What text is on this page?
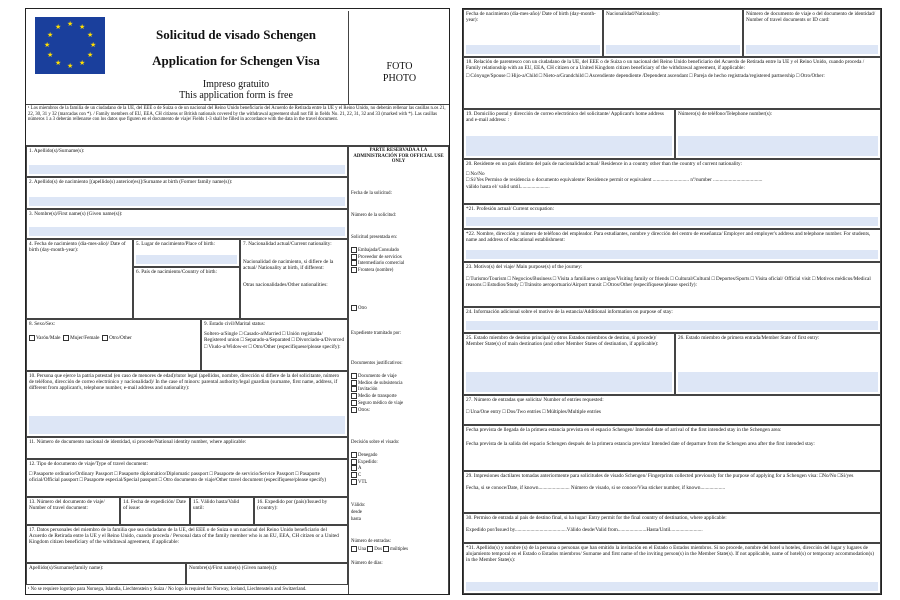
★ ★
★
★
★
★
★
★
★
★
★
★	Solicitud de visado Schengen
Application for Schengen Visa
Impreso gratuito
This application form is free
FOTO
PHOTO
¹ Los miembros de la familia de un ciudadano de la UE, del EEE o de Suiza o de un nacional del Reino Unido beneficiario del Acuerdo de Retirada entre la UE y el Reino Unido, no deberán rellenar las casillas n.os 21, 22, 30, 31 y 32 (marcadas con *). / Family members of EU, EEA, CH citizens or British nationals covered by the withdrawal agreement shall not fill in fields No. 21, 22, 31, 32 and 33 (marked with *). Las casillas números 1 a 3 deberán rellenarse con los datos que figuren en el documento de viaje/ Fields 1-3 shall be filled in accordance with the data in the travel document.
PARTE RESERVADA A LA ADMINISTRACIÓN FOR OFFICIAL USE ONLY
Fecha de la solicitud:
Número de la solicitud:
Solicitud presentada en:
Embajada/Consulado
Proveedor de servicios
Intermediario comercial
Frontera (nombre)
Otro
Expediente tramitado por:
Documentos justificativos:
Documento de viaje
Medios de subsistencia
Invitación
Medio de transporte
Seguro médico de viaje
Otros:
Decisión sobre el visado:
Denegado
Expedido:
A
C
VTL
Válido:
desde
hasta
Número de entradas:
Una Dos múltiples
Número de días:
1. Apellido(s)/Surname(s):
2. Apellido(s) de nacimiento [(apellido(s) anterior(es)]/Surname at birth (Former family name(s)):
3. Nombre(s)/First name(s) (Given name(s)):
4. Fecha de nacimiento (día-mes-año)/ Date of birth (day-month-year):
5. Lugar de nacimiento/Place of birth:
6. País de nacimiento/Country of birth:
7. Nacionalidad actual/Current nationality:
Nacionalidad de nacimiento, si difiere de la actual/ Nationality at birth, if different:
Otras nacionalidades/Other nationalities:
8. Sexo/Sex:
Varón/Male Mujer/Female Otro/Other
9. Estado civil/Marital status:
Soltero-a/Single □ Casado-a/Married □ Unión registrada/ Registered union □ Separado-a/Separated □ Divorciado-a/Divorced □ Viudo-a/Widow-er □ Otro/Other (especifíquese/please specify):
10. Persona que ejerce la patria potestad (en caso de menores de edad)/tutor legal (apellidos, nombre, dirección si difiere de la del solicitante, número de teléfono, dirección de correo electrónico y nacionalidad)/ In the case of minors: parental authority/legal guardian (surname, first name, address, if different from applicant's, telephone number, e-mail address and nationality):
11. Número de documento nacional de identidad, si procede/National identity number, where applicable:
12. Tipo de documento de viaje/Type of travel document:
□ Pasaporte ordinario/Ordinary Passport □ Pasaporte diplomático/Diplomatic passport □ Pasaporte de servicio/Service Passport □ Pasaporte oficial/Official passport □ Pasaporte especial/Special passport □ Otro documento de viaje/Other travel document (especifíquese/please specify)
13. Número del documento de viaje/ Number of travel document:
14. Fecha de expedición/ Date of issue:
15. Válido hasta/Valid until:
16. Expedido por (país)/Issued by (country):
17. Datos personales del miembro de la familia que sea ciudadano de la UE, del EEE o de Suiza o un nacional del Reino Unido beneficiario del Acuerdo de Retirada entre la UE y el Reino Unido, cuando proceda / Personal data of the family member who is an EU, EEA, CH citizen or a United Kingdom citizen beneficiary of the withdrawal agreement, if applicable:
Apellido(s)/Surname(family name):	Nombre(s)/First name(s) (Given name(s)):
¹ No se requiere logotipo para Noruega, Islandia, Liechtenstein y Suiza / No logo is required for Norway, Iceland, Liechtenstein and Switzerland.
Fecha de nacimiento (día-mes-año)/ Date of birth (day-month-year):
Nacionalidad/Nationality:	Número de documento de viaje o del documento de identidad/ Number of travel documents or ID card:
18. Relación de parentesco con un ciudadano de la UE, del EEE o de Suiza o un nacional del Reino Unido beneficiario del Acuerdo de Retirada entre la UE y el Reino Unido, cuando proceda / Family relationship with an EU, EEA, CH citizen or a United Kingdom citizen beneficiary of the withdrawal agreement, if applicable:
□ Cónyuge/Spouse □ Hijo-a/Child □ Nieto-a/Grandchild □ Ascendiente dependiente /Dependent ascendant □ Pareja de hecho registrada/registered partnership □ Otro/Other:
19. Domicilio postal y dirección de correo electrónico del solicitante/ Applicant's home address and e-mail address: :
Número(s) de teléfono/Telephone number(s):
20. Residente en un país distinto del país de nacionalidad actual/ Residence in a country other than the country of current nationality:
□ No/No
□ Sí/Yes Permiso de residencia o documento equivalente/ Residence permit or equivalent ............................ nº/number ......................................
válido hasta el/ valid until.......................
*21. Profesión actual/ Current occupation:
*22. Nombre, dirección y número de teléfono del empleador. Para estudiantes, nombre y dirección del centro de enseñanza/ Employer and employer's address and telephone number. For students, name and address of educational establishment:
23. Motivo(s) del viaje/ Main purpose(s) of the journey:
□ Turismo/Tourism □ Negocios/Business □ Visita a familiares o amigos/Visiting family or friends □ Cultural/Cultural □ Deportes/Sports □ Visita oficial/ Official visit □ Motivos médicos/Medical reasons □ Estudios/Study □ Tránsito aeroportuario/Airport transit □ Otros/Other (especifíquese/please specify):
24. Información adicional sobre el motivo de la estancia/Additional information on purpose of stay:
25. Estado miembro de destino principal (y otros Estados miembros de destino, si procede)/ Member State(s) of main destination (and other Member States of destination, if applicable):
26. Estado miembro de primera entrada/Member State of first entry:
27. Número de entradas que solicita/ Number of entries requested:
□ Una/One entry □ Dos/Two entries □ Múltiples/Multiple entries
Fecha prevista de llegada de la primera estancia prevista en el espacio Schengen/ Intended date of arrival of the first intended stay in the Schengen area:
Fecha prevista de la salida del espacio Schengen después de la primera estancia prevista/ Intended date of departure from the Schengen area after the first intended stay:
29. Impresiones dactilares tomadas anteriormente para solicitudes de visado Schengen/ Fingerprints collected previously for the purpose of applying for a Schengen visa: □No/No □Sí/yes
Fecha, si se conoce/Date, if known........................ Número de visado, si se conoce/Visa sticker number, if known...................
30. Permiso de entrada al país de destino final, si ha lugar/ Entry permit for the final country of destination, where applicable:
Expedido por/Issued by........................................Válido desde/Valid from......................Hasta/Until.........................
*31. Apellido(s) y nombre (s) de la persona o personas que han emitido la invitación en el Estado o Estados miembros. Si no procede, nombre del hotel u hoteles, dirección del lugar y lugares de alojamiento temporal en el Estado o Estados miembros/ Surname and first name of the inviting person(s) in the Member State(s). If not applicable, name of hotel(s) or temporary accommodation(s) in the Member State(s):
